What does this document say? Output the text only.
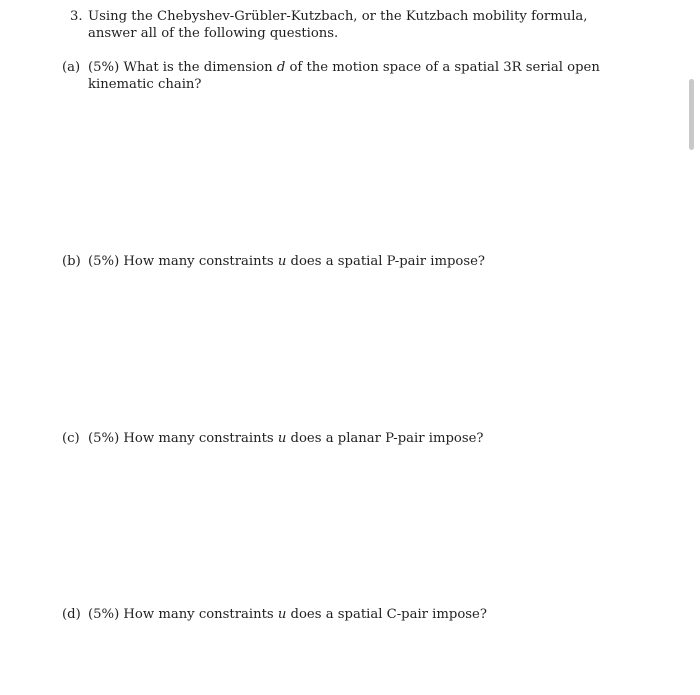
3. Using the Chebyshev-Grübler-Kutzbach, or the Kutzbach mobility formula, answer all of the following questions.
(a) (5%) What is the dimension d of the motion space of a spatial 3R serial open kinematic chain?
(b) (5%) How many constraints u does a spatial P-pair impose?
(c) (5%) How many constraints u does a planar P-pair impose?
(d) (5%) How many constraints u does a spatial C-pair impose?
